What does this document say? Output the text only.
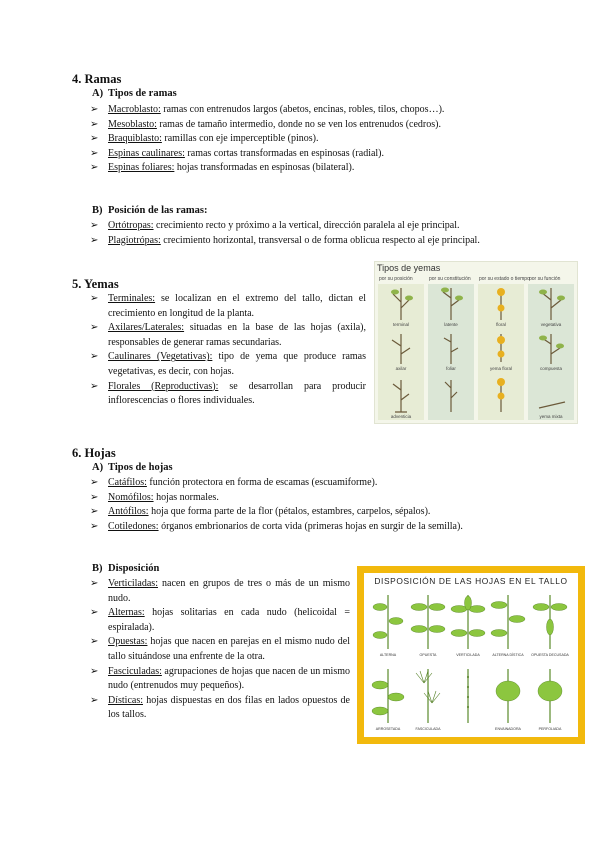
4. Ramas
A) Tipos de ramas
➢ Macroblasto: ramas con entrenudos largos (abetos, encinas, robles, tilos, chopos…).
➢ Mesoblasto: ramas de tamaño intermedio, donde no se ven los entrenudos (cedros).
➢ Braquiblasto: ramillas con eje imperceptible (pinos).
➢ Espinas caulinares: ramas cortas transformadas en espinosas (radial).
➢ Espinas foliares: hojas transformadas en espinosas (bilateral).
B) Posición de las ramas:
➢ Ortótropas: crecimiento recto y próximo a la vertical, dirección paralela al eje principal.
➢ Plagiotrópas: crecimiento horizontal, transversal o de forma oblicua respecto al eje principal.
5. Yemas
➢ Terminales: se localizan en el extremo del tallo, dictan el crecimiento en longitud de la planta.
➢ Axilares/Laterales: situadas en la base de las hojas (axila), responsables de generar ramas secundarias.
➢ Caulinares (Vegetativas): tipo de yema que produce ramas vegetativas, es decir, con hojas.
➢ Florales (Reproductivas): se desarrollan para producir inflorescencias o flores individuales.
Tipos de yemas
por su posición	por su constitución por su estado o tiempo por su función
terminal
axilar
adventicia
latente
foliar
floral
yema floral
vegetativa
compuesta
yema mixta
6. Hojas
A) Tipos de hojas
➢ Catáfilos: función protectora en forma de escamas (escuamiforme).
➢ Nomófilos: hojas normales.
➢ Antófilos: hoja que forma parte de la flor (pétalos, estambres, carpelos, sépalos).
➢ Cotiledones: órganos embrionarios de corta vida (primeras hojas en surgir de la semilla).
B) Disposición
➢ Verticiladas: nacen en grupos de tres o más de un mismo nudo.
➢ Alternas: hojas solitarias en cada nudo (helicoidal = espiralada).
➢ Opuestas: hojas que nacen en parejas en el mismo nudo del tallo situándose una enfrente de la otra.
➢ Fasciculadas: agrupaciones de hojas que nacen de un mismo nudo (entrenudos muy pequeños).
➢ Dísticas: hojas dispuestas en dos filas en lados opuestos de los tallos.
DISPOSICIÓN DE LAS HOJAS EN EL TALLO
ALTERNA	OPUESTA	VERTICILADA	ALTERNA DÍSTICA	OPUESTA DECUSADA
ARROSETADA	FASCICULADA	ENVAINADORA	PERFOLIADA
